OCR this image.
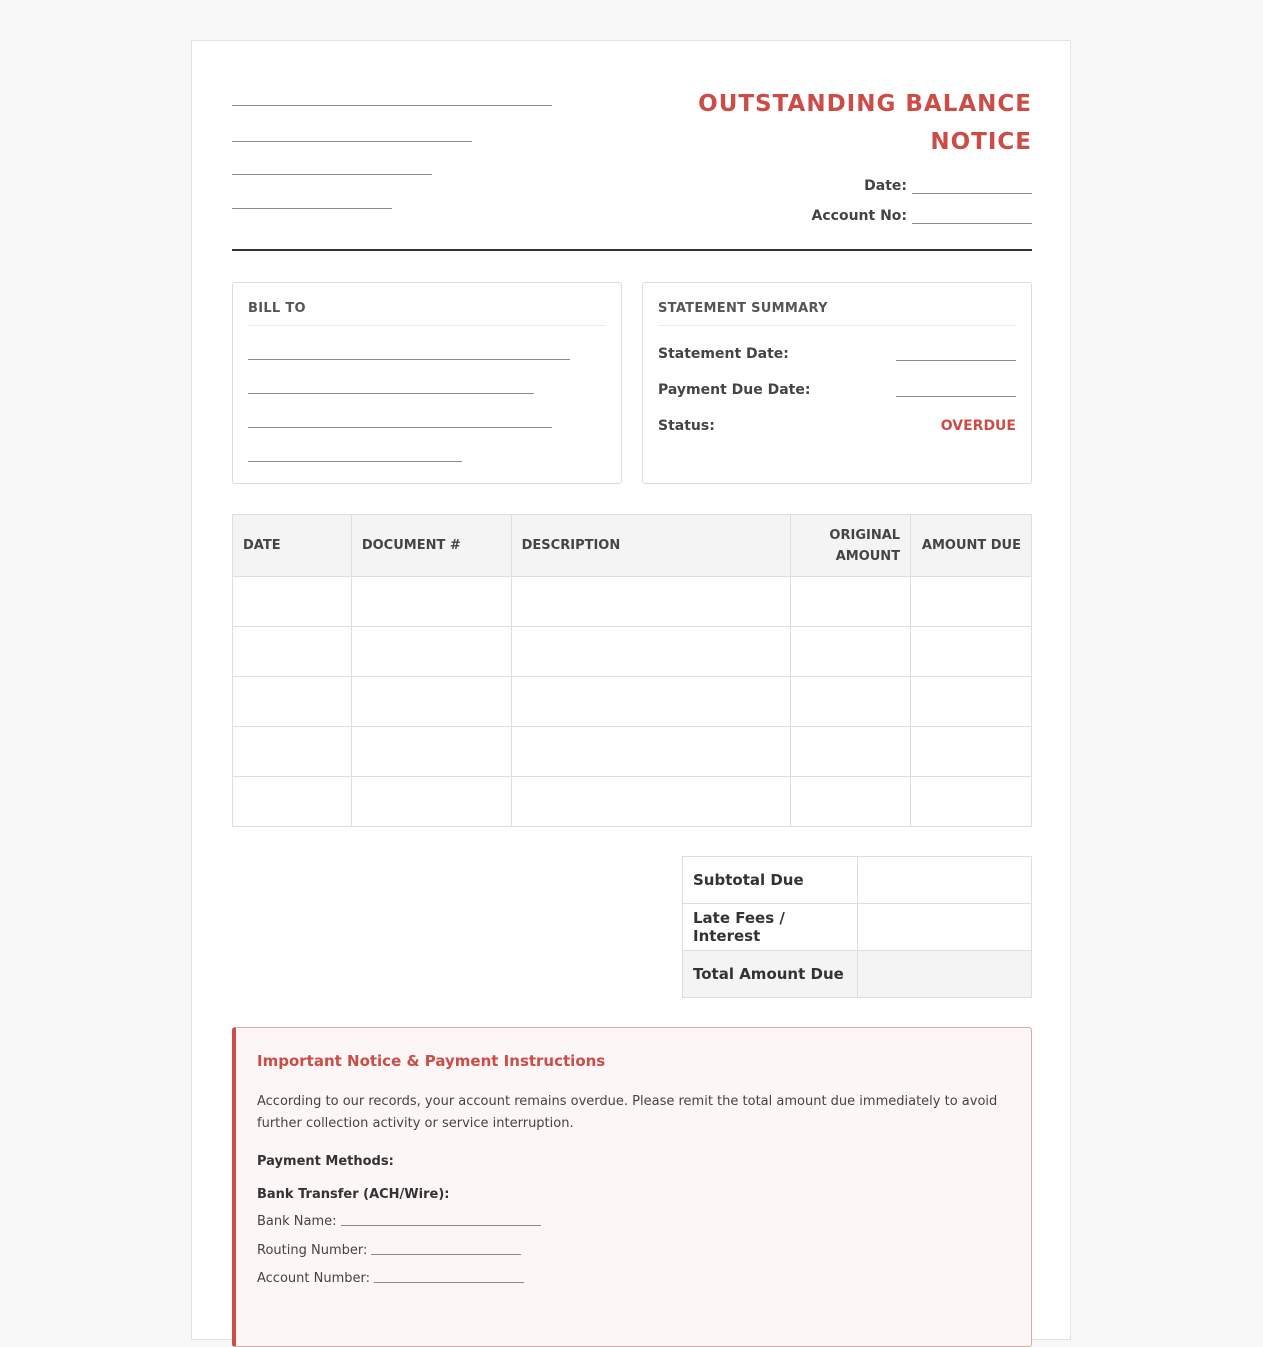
OUTSTANDING BALANCE NOTICE
Date:
Account No:
BILL TO	STATEMENT SUMMARY
Statement Date:
Payment Due Date:
Status:	OVERDUE
DATE	DOCUMENT #	DESCRIPTION	ORIGINAL AMOUNT	AMOUNT DUE

Subtotal Due	
Late Fees / Interest	
Total Amount Due	
Important Notice & Payment Instructions
According to our records, your account remains overdue. Please remit the total amount due immediately to avoid further collection activity or service interruption.
Payment Methods:
Bank Transfer (ACH/Wire):
Bank Name:
Routing Number:
Account Number:
